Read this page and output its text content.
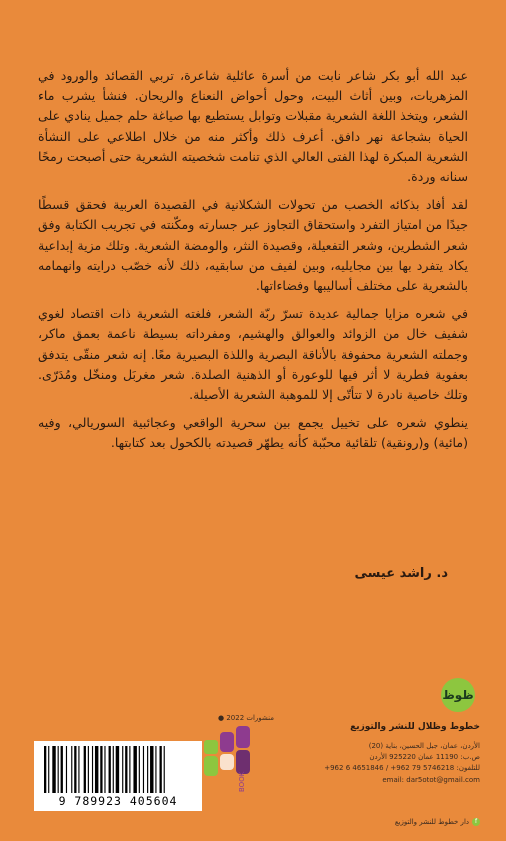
عبد الله أبو بكر شاعر نابت من أسرة عائلية شاعرة، تربي القصائد والورود في المزهريات، وبين أثاث البيت، وحول أحواض النعناع والريحان. فنشأ يشرب ماء الشعر، ويتخذ اللغة الشعرية مقبلات وتوابل يستطيع بها صياغة حلم جميل ينادي على الحياة بشجاعة نهر دافق. أعرف ذلك وأكثر منه من خلال اطلاعي على النشأة الشعرية المبكرة لهذا الفتى العالي الذي تنامت شخصيته الشعرية حتى أصبحت رمحًا سنانه وردة.

لقد أفاد بذكائه الخصب من تحولات الشكلانية في القصيدة العربية فحقق قسطًا جيدًا من امتياز التفرد واستحقاق التجاوز عبر جسارته ومكّنته في تجريب الكتابة وفق شعر الشطرين، وشعر التفعيلة، وقصيدة النثر، والومضة الشعرية. وتلك مزية إبداعية يكاد يتفرد بها بين مجايليه، وبين لفيف من سابقيه، ذلك لأنه خصّب درايته وانهمامه بالشعرية على مختلف أساليبها وفضاءاتها.

في شعره مزايا جمالية عديدة تسرّ ربّة الشعر، فلغته الشعرية ذات اقتصاد لغوي شفيف خال من الزوائد والعوالق والهشيم، ومفرداته بسيطة ناعمة بعمق ماكر، وجملته الشعرية محفوفة بالأناقة البصرية واللذة البصيرية معًا. إنه شعر منقّى يتدفق بعفوية فطرية لا أثر فيها للوعورة أو الذهنية الصلدة. شعر مغربَل ومنخّل ومُدَرّى. وتلك خاصية نادرة لا تتأتّى إلا للموهبة الشعرية الأصيلة.

ينطوي شعره على تخييل يجمع بين سحرية الواقعي وعجائبية السوريالي، وفيه (مائية) و(رونقية) تلقائية محبّبة كأنه يطهّر قصيدته بالكحول بعد كتابتها.

د. راشد عيسى
ظوظ
منشورات 2022 ●
خطوط وظلال للنشر والتوزيع
الأردن، عمان، جبل الحسين، بناية (20)
ص.ب: 11190 عمان 925220 الأردن
للتلفون: 5746218 79 962+ / 4651846 6 962+
email: dar5otot@gmail.com
f
دار خطوط للنشر والتوزيع
BOOK
9 789923 405604
